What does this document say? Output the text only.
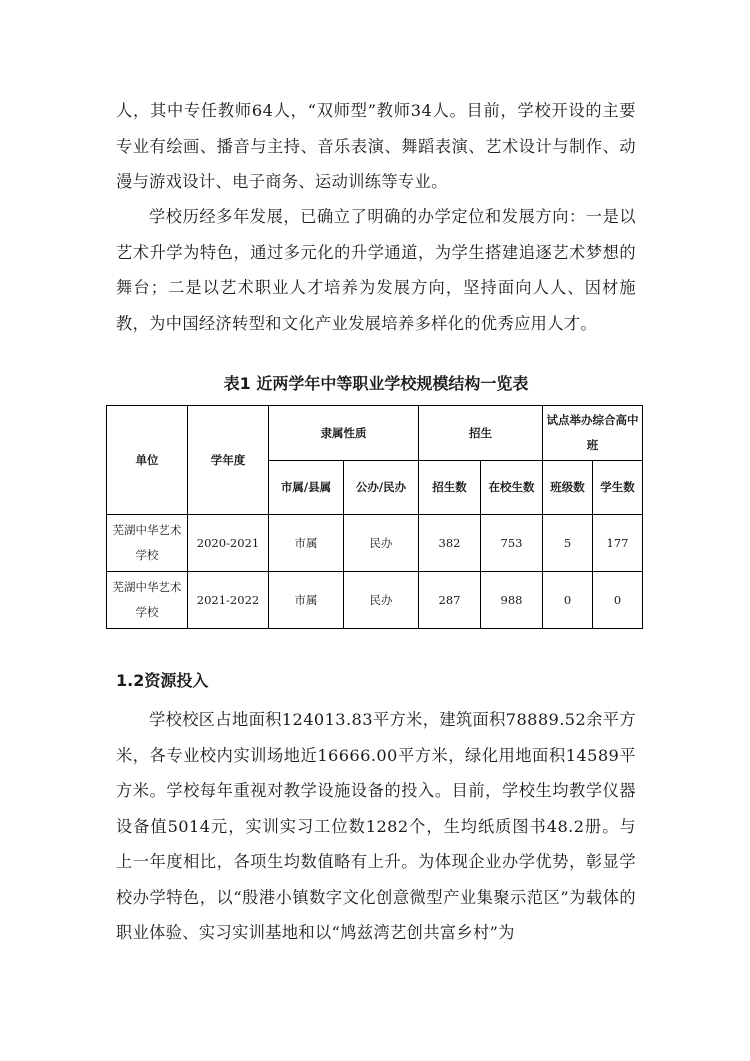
人，其中专任教师64人，“双师型”教师34人。目前，学校开设的主要专业有绘画、播音与主持、音乐表演、舞蹈表演、艺术设计与制作、动漫与游戏设计、电子商务、运动训练等专业。

学校历经多年发展，已确立了明确的办学定位和发展方向：一是以艺术升学为特色，通过多元化的升学通道，为学生搭建追逐艺术梦想的舞台；二是以艺术职业人才培养为发展方向，坚持面向人人、因材施教，为中国经济转型和文化产业发展培养多样化的优秀应用人才。

表1 近两学年中等职业学校规模结构一览表

单位	学年度	隶属性质		招生		试点举办综合高中班	
		市属/县属	公办/民办	招生数	在校生数	班级数	学生数
芜湖中华艺术学校	2020-2021	市属	民办	382	753	5	177
芜湖中华艺术学校	2021-2022	市属	民办	287	988	0	0

1.2资源投入

学校校区占地面积124013.83平方米，建筑面积78889.52余平方米，各专业校内实训场地近16666.00平方米，绿化用地面积14589平方米。学校每年重视对教学设施设备的投入。目前，学校生均教学仪器设备值5014元，实训实习工位数1282个，生均纸质图书48.2册。与上一年度相比，各项生均数值略有上升。为体现企业办学优势，彰显学校办学特色，以“殷港小镇数字文化创意微型产业集聚示范区”为载体的职业体验、实习实训基地和以“鸠兹湾艺创共富乡村”为
